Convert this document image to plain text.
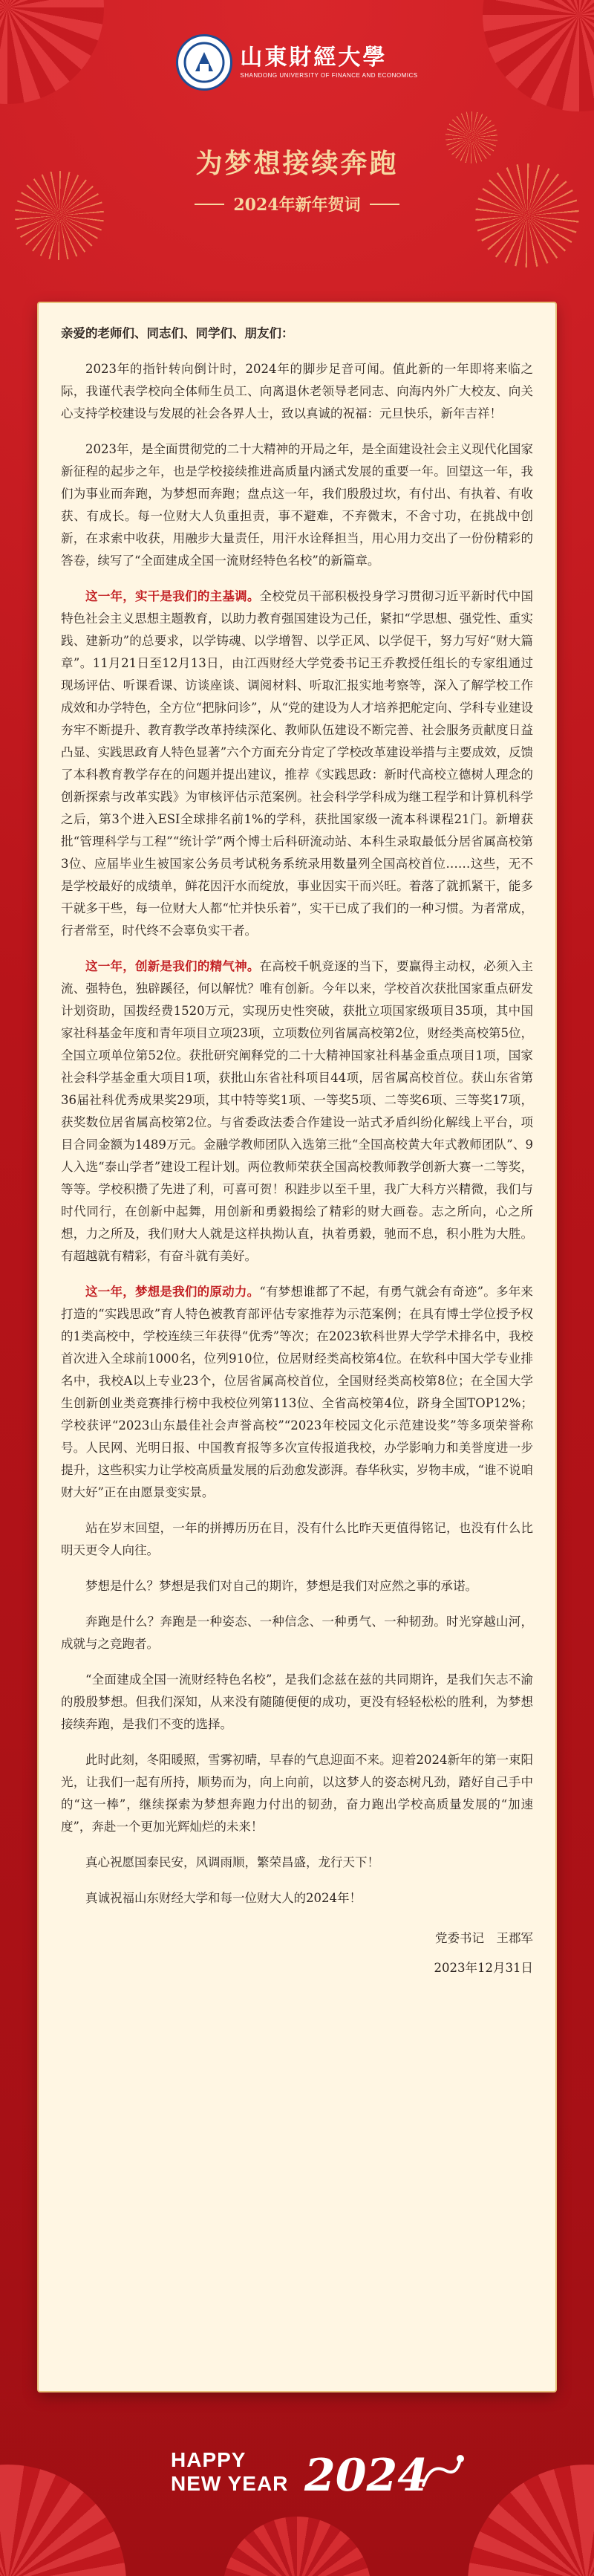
山東財經大學
SHANDONG UNIVERSITY OF FINANCE AND ECONOMICS
为梦想接续奔跑
2024年新年贺词

亲爱的老师们、同志们、同学们、朋友们：

2023年的指针转向倒计时，2024年的脚步足音可闻。值此新的一年即将来临之际，我谨代表学校向全体师生员工、向离退休老领导老同志、向海内外广大校友、向关心支持学校建设与发展的社会各界人士，致以真诚的祝福：元旦快乐，新年吉祥！

2023年，是全面贯彻党的二十大精神的开局之年，是全面建设社会主义现代化国家新征程的起步之年，也是学校接续推进高质量内涵式发展的重要一年。回望这一年，我们为事业而奔跑，为梦想而奔跑；盘点这一年，我们殷殷过坎，有付出、有执着、有收获、有成长。每一位财大人负重担责，事不避难，不弃微末，不舍寸功，在挑战中创新，在求索中收获，用融步大量责任，用汗水诠释担当，用心用力交出了一份份精彩的答卷，续写了“全面建成全国一流财经特色名校”的新篇章。

这一年，实干是我们的主基调。全校党员干部积极投身学习贯彻习近平新时代中国特色社会主义思想主题教育，以助力教育强国建设为己任，紧扣“学思想、强党性、重实践、建新功”的总要求，以学铸魂、以学增智、以学正风、以学促干，努力写好“财大篇章”。11月21日至12月13日，由江西财经大学党委书记王乔教授任组长的专家组通过现场评估、听课看课、访谈座谈、调阅材料、听取汇报实地考察等，深入了解学校工作成效和办学特色，全方位“把脉问诊”，从“党的建设为人才培养把舵定向、学科专业建设夯牢不断提升、教育教学改革持续深化、教师队伍建设不断完善、社会服务贡献度日益凸显、实践思政育人特色显著”六个方面充分肯定了学校改革建设举措与主要成效，反馈了本科教育教学存在的问题并提出建议，推荐《实践思政：新时代高校立德树人理念的创新探索与改革实践》为审核评估示范案例。社会科学学科成为继工程学和计算机科学之后，第3个进入ESI全球排名前1%的学科，获批国家级一流本科课程21门。新增获批“管理科学与工程”“统计学”两个博士后科研流动站、本科生录取最低分居省属高校第3位、应届毕业生被国家公务员考试税务系统录用数量列全国高校首位……这些，无不是学校最好的成绩单，鲜花因汗水而绽放，事业因实干而兴旺。着落了就抓紧干，能多干就多干些，每一位财大人都“忙并快乐着”，实干已成了我们的一种习惯。为者常成，行者常至，时代终不会辜负实干者。

这一年，创新是我们的精气神。在高校千帆竞逐的当下，要赢得主动权，必须入主流、强特色，独辟蹊径，何以解忧？唯有创新。今年以来，学校首次获批国家重点研发计划资助，国拨经费1520万元，实现历史性突破，获批立项国家级项目35项，其中国家社科基金年度和青年项目立项23项，立项数位列省属高校第2位，财经类高校第5位，全国立项单位第52位。获批研究阐释党的二十大精神国家社科基金重点项目1项，国家社会科学基金重大项目1项，获批山东省社科项目44项，居省属高校首位。获山东省第36届社科优秀成果奖29项，其中特等奖1项、一等奖5项、二等奖6项、三等奖17项，获奖数位居省属高校第2位。与省委政法委合作建设一站式矛盾纠纷化解线上平台，项目合同金额为1489万元。金融学教师团队入选第三批“全国高校黄大年式教师团队”、9人入选“泰山学者”建设工程计划。两位教师荣获全国高校教师教学创新大赛一二等奖，等等。学校积攒了先进了利，可喜可贺！积跬步以至千里，我广大科方兴精微，我们与时代同行，在创新中起舞，用创新和勇毅揭绘了精彩的财大画卷。志之所向，心之所想，力之所及，我们财大人就是这样执拗认直，执着勇毅，驰而不息，积小胜为大胜。有超越就有精彩，有奋斗就有美好。

这一年，梦想是我们的原动力。“有梦想谁都了不起，有勇气就会有奇迹”。多年来打造的“实践思政”育人特色被教育部评估专家推荐为示范案例；在具有博士学位授予权的1类高校中，学校连续三年获得“优秀”等次；在2023软科世界大学学术排名中，我校首次进入全球前1000名，位列910位，位居财经类高校第4位。在软科中国大学专业排名中，我校A以上专业23个，位居省属高校首位，全国财经类高校第8位；在全国大学生创新创业类竞赛排行榜中我校位列第113位、全省高校第4位，跻身全国TOP12%；学校获评“2023山东最佳社会声誉高校”“2023年校园文化示范建设奖”等多项荣誉称号。人民网、光明日报、中国教育报等多次宣传报道我校，办学影响力和美誉度进一步提升，这些积实力让学校高质量发展的后劲愈发澎湃。春华秋实，岁物丰成，“谁不说咱财大好”正在由愿景变实景。

站在岁末回望，一年的拼搏历历在目，没有什么比昨天更值得铭记，也没有什么比明天更令人向往。

梦想是什么？梦想是我们对自己的期许，梦想是我们对应然之事的承诺。

奔跑是什么？奔跑是一种姿态、一种信念、一种勇气、一种韧劲。时光穿越山河，成就与之竞跑者。

“全面建成全国一流财经特色名校”，是我们念兹在兹的共同期许，是我们矢志不渝的殷殷梦想。但我们深知，从来没有随随便便的成功，更没有轻轻松松的胜利，为梦想接续奔跑，是我们不变的选择。

此时此刻，冬阳暖照，雪雾初晴，早春的气息迎面不来。迎着2024新年的第一束阳光，让我们一起有所持，顺势而为，向上向前，以这梦人的姿态树凡劲，踏好自己手中的“这一棒”，继续探索为梦想奔跑力付出的韧劲，奋力跑出学校高质量发展的“加速度”，奔赴一个更加光辉灿烂的未来！

真心祝愿国泰民安，风调雨顺，繁荣昌盛，龙行天下！

真诚祝福山东财经大学和每一位财大人的2024年！

党委书记　王郡军
2023年12月31日
HAPPY
NEW YEAR 2024
